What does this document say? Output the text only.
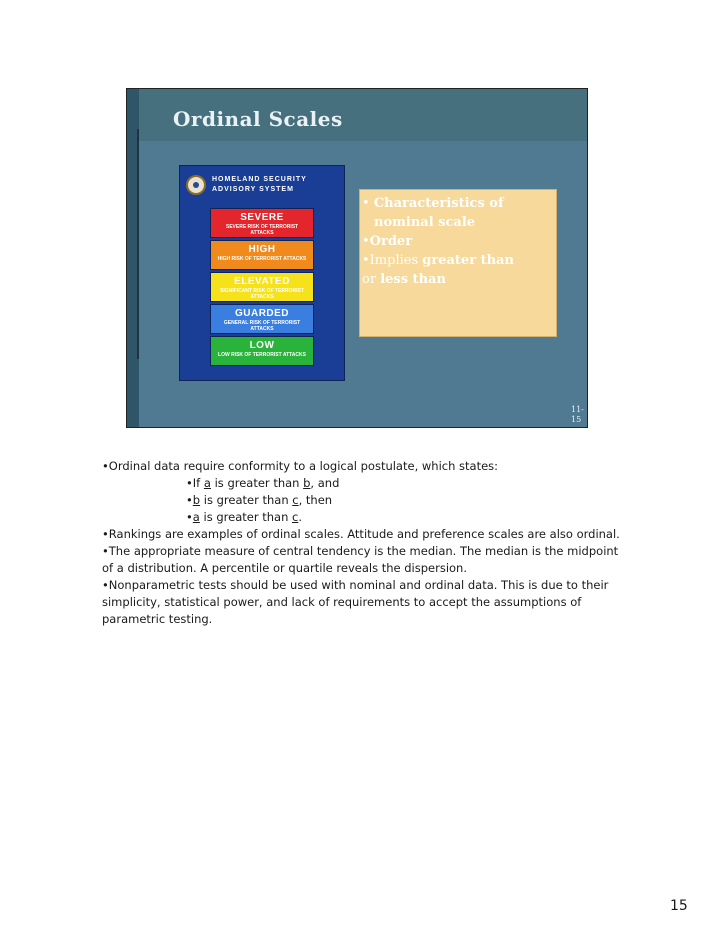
Ordinal Scales
HOMELAND SECURITY
ADVISORY SYSTEM
SEVERE
SEVERE RISK OF TERRORIST ATTACKS
HIGH
HIGH RISK OF TERRORIST ATTACKS
ELEVATED
SIGNIFICANT RISK OF TERRORIST ATTACKS
GUARDED
GENERAL RISK OF TERRORIST ATTACKS
LOW
LOW RISK OF TERRORIST ATTACKS
• Characteristics of
nominal scale
•Order
•Implies greater than
or less than
11-
15

•Ordinal data require conformity to a logical postulate, which states:

•If a is greater than b, and

•b is greater than c, then

•a is greater than c.

•Rankings are examples of ordinal scales. Attitude and preference scales are also ordinal.

•The appropriate measure of central tendency is the median. The median is the midpoint of a distribution. A percentile or quartile reveals the dispersion.

•Nonparametric tests should be used with nominal and ordinal data. This is due to their simplicity, statistical power, and lack of requirements to accept the assumptions of parametric testing.

15
